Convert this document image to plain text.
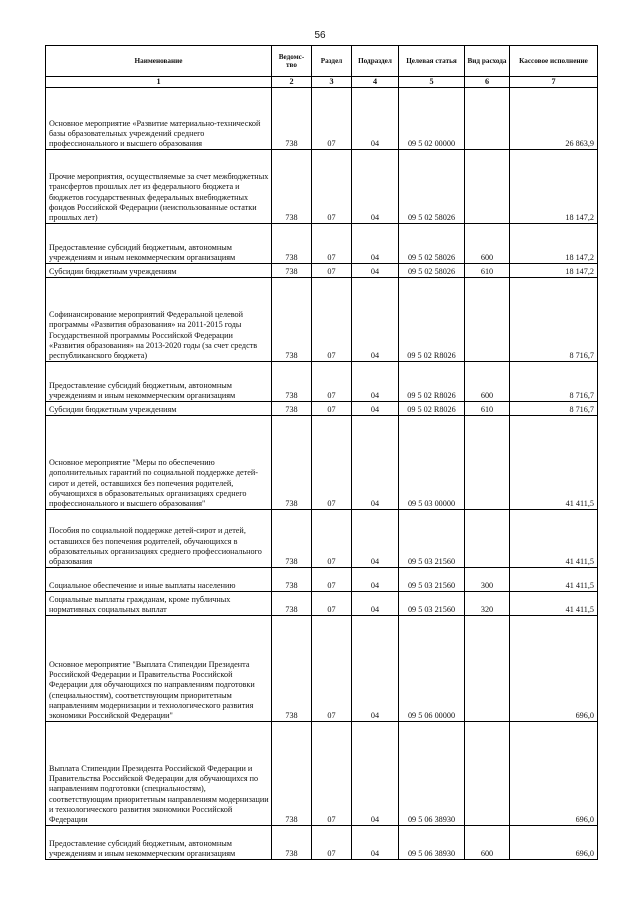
56
Наименование	Ведомс-тво	Раздел	Подраздел	Целевая статья	Вид расхода	Кассовое исполнение
1	2	3	4	5	6	7
Основное мероприятие «Развитие материально-технической базы образовательных учреждений среднего профессионального и высшего образования	738	07	04	09 5 02 00000		26 863,9
Прочие мероприятия, осуществляемые за счет межбюджетных трансфертов прошлых лет из федерального бюджета и бюджетов государственных федеральных внебюджетных фондов Российской Федерации (неиспользованные остатки прошлых лет)	738	07	04	09 5 02 58026		18 147,2
Предоставление субсидий бюджетным, автономным учреждениям и иным некоммерческим организациям	738	07	04	09 5 02 58026	600	18 147,2
Субсидии бюджетным учреждениям	738	07	04	09 5 02 58026	610	18 147,2
Софинансирование мероприятий Федеральной целевой программы «Развития образования» на 2011-2015 годы Государственной программы Российской Федерации «Развития образования» на 2013-2020 годы (за счет средств республиканского бюджета)	738	07	04	09 5 02 R8026		8 716,7
Предоставление субсидий бюджетным, автономным учреждениям и иным некоммерческим организациям	738	07	04	09 5 02 R8026	600	8 716,7
Субсидии бюджетным учреждениям	738	07	04	09 5 02 R8026	610	8 716,7
Основное мероприятие "Меры по обеспечению дополнительных гарантий по социальной поддержке детей-сирот и детей, оставшихся без попечения родителей, обучающихся в образовательных организациях среднего профессионального и высшего образования"	738	07	04	09 5 03 00000		41 411,5
Пособия по социальной поддержке детей-сирот и детей, оставшихся без попечения родителей, обучающихся в образовательных организациях среднего профессионального образования	738	07	04	09 5 03 21560		41 411,5
Социальное обеспечение и иные выплаты населению	738	07	04	09 5 03 21560	300	41 411,5
Социальные выплаты гражданам, кроме публичных нормативных социальных выплат	738	07	04	09 5 03 21560	320	41 411,5
Основное мероприятие "Выплата Стипендии Президента Российской Федерации и Правительства Российской Федерации для обучающихся по направлениям подготовки (специальностям), соответствующим приоритетным направлениям модернизации и технологического развития экономики Российской Федерации"	738	07	04	09 5 06 00000		696,0
Выплата Стипендии Президента Российской Федерации и Правительства Российской Федерации для обучающихся по направлениям подготовки (специальностям), соответствующим приоритетным направлениям модернизации и технологического развития экономики Российской Федерации	738	07	04	09 5 06 38930		696,0
Предоставление субсидий бюджетным, автономным учреждениям и иным некоммерческим организациям	738	07	04	09 5 06 38930	600	696,0
